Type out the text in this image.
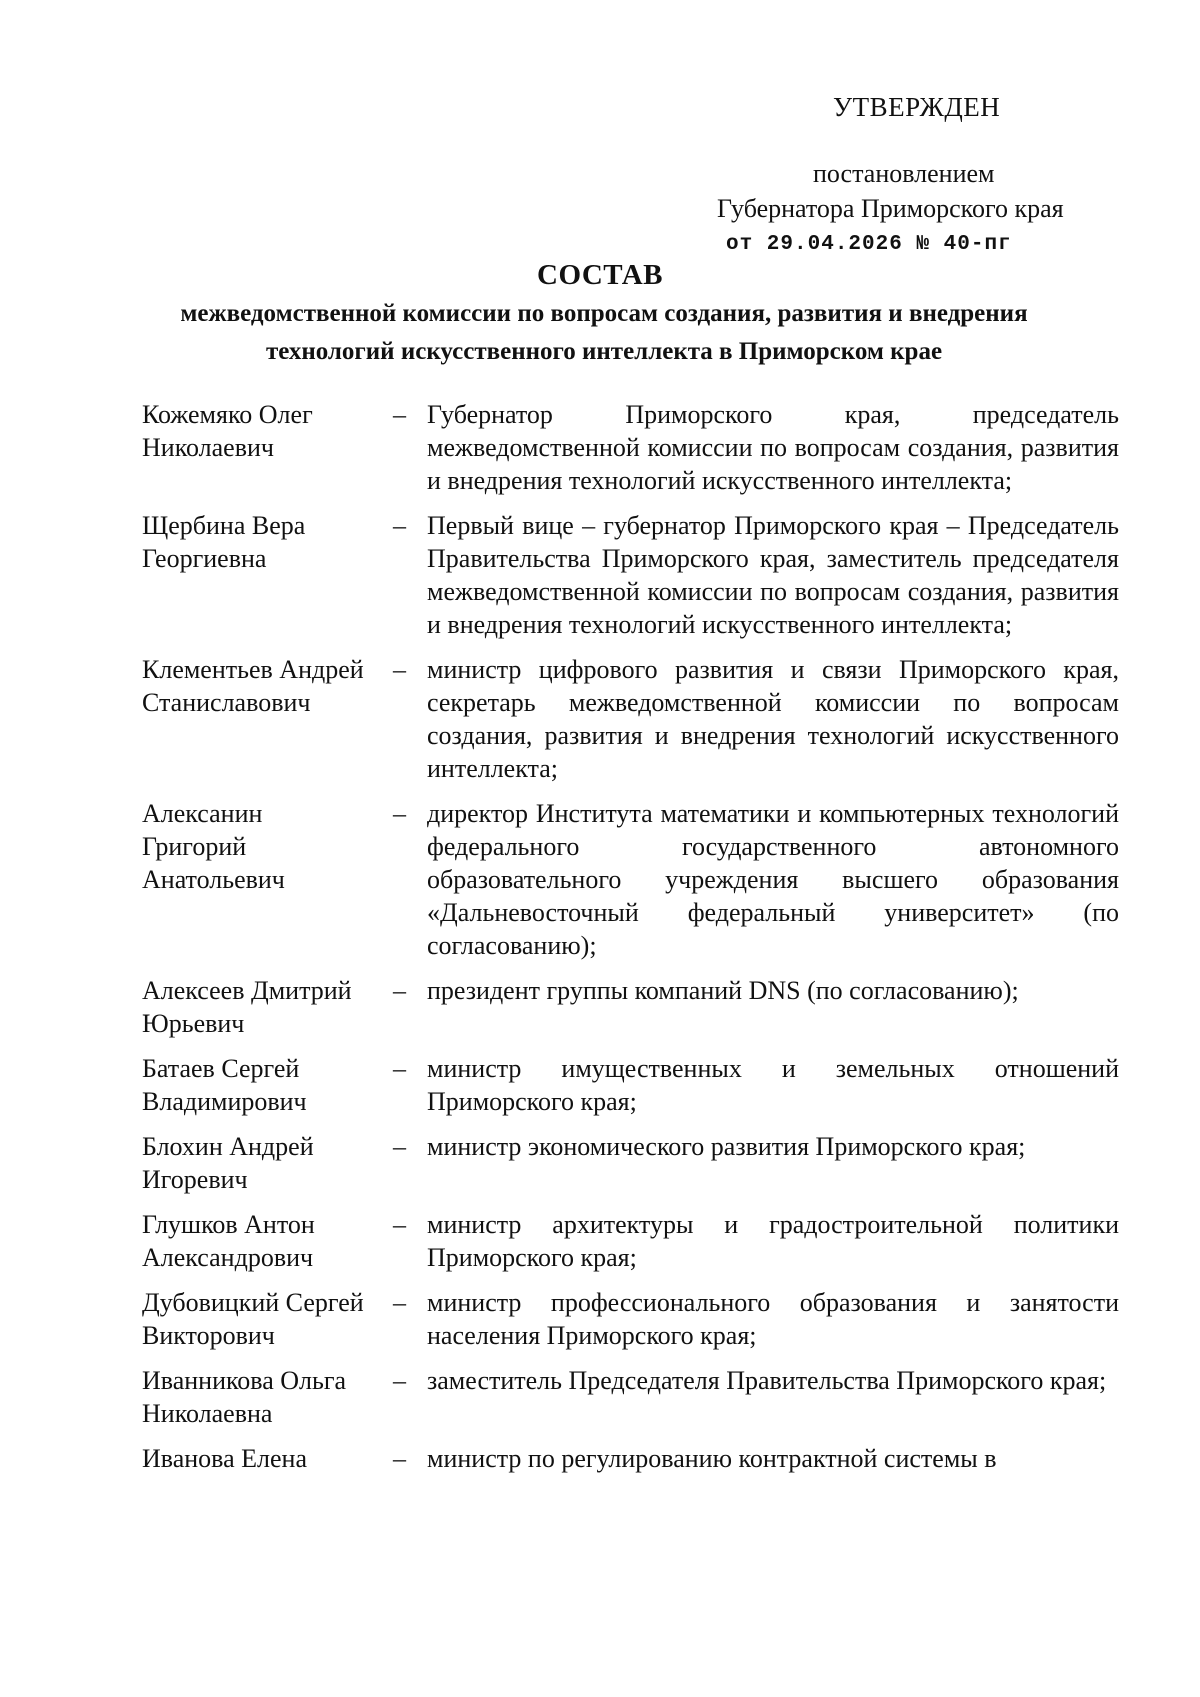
УТВЕРЖДЕН
постановлением
Губернатора Приморского края
от 29.04.2026 № 40-пг
СОСТАВ
межведомственной комиссии по вопросам создания, развития и внедрения
технологий искусственного интеллекта в Приморском крае
Кожемяко Олег Николаевич
– Губернатор Приморского края, председатель межведомственной комиссии по вопросам создания, развития и внедрения технологий искусственного интеллекта;
Щербина Вера Георгиевна
– Первый вице – губернатор Приморского края – Председатель Правительства Приморского края, заместитель председателя межведомственной комиссии по вопросам создания, развития и внедрения технологий искусственного интеллекта;
Клементьев Андрей Станиславович
– министр цифрового развития и связи Приморского края, секретарь межведомственной комиссии по вопросам создания, развития и внедрения технологий искусственного интеллекта;
Алексанин Григорий Анатольевич
– директор Института математики и компьютерных технологий федерального государственного автономного образовательного учреждения высшего образования «Дальневосточный федеральный университет» (по согласованию);
Алексеев Дмитрий Юрьевич
– президент группы компаний DNS (по согласованию);
Батаев Сергей Владимирович
– министр имущественных и земельных отношений Приморского края;
Блохин Андрей Игоревич
– министр экономического развития Приморского края;
Глушков Антон Александрович
– министр архитектуры и градостроительной политики Приморского края;
Дубовицкий Сергей Викторович
– министр профессионального образования и занятости населения Приморского края;
Иванникова Ольга Николаевна
– заместитель Председателя Правительства Приморского края;
Иванова Елена	– министр по регулированию контрактной системы в
